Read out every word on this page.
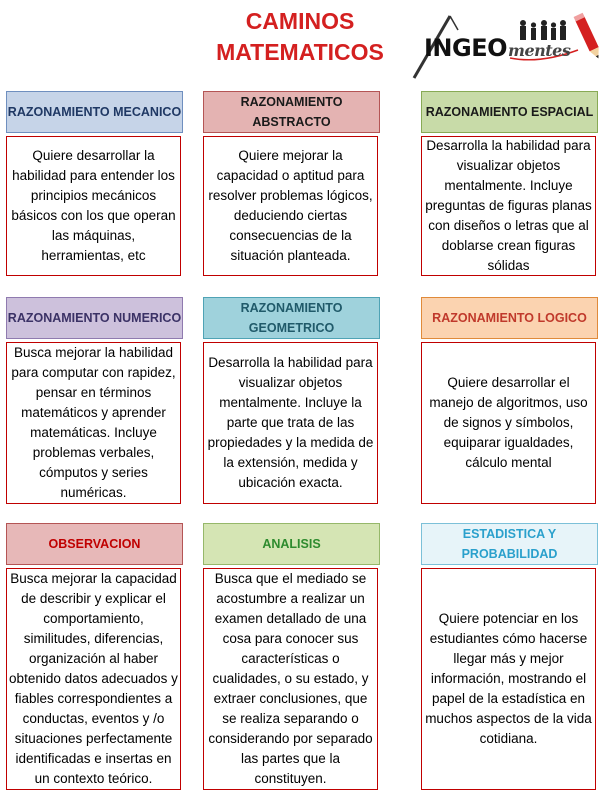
CAMINOS
MATEMATICOS	INGEOmentes
RAZONAMIENTO MECANICO
Quiere desarrollar la habilidad para entender los principios mecánicos básicos con los que operan las máquinas, herramientas, etc
RAZONAMIENTO ABSTRACTO
Quiere mejorar la capacidad o aptitud para resolver problemas lógicos, deduciendo ciertas consecuencias de la situación planteada.
RAZONAMIENTO ESPACIAL
Desarrolla la habilidad para visualizar objetos mentalmente. Incluye preguntas de figuras planas con diseños o letras que al doblarse crean figuras sólidas
RAZONAMIENTO NUMERICO
Busca mejorar la habilidad para computar con rapidez, pensar en términos matemáticos y aprender matemáticas. Incluye problemas verbales, cómputos y series numéricas.
RAZONAMIENTO GEOMETRICO
Desarrolla la habilidad para visualizar objetos mentalmente. Incluye la parte que trata de las propiedades y la medida de la extensión, medida y ubicación exacta.
RAZONAMIENTO LOGICO
Quiere desarrollar el manejo de algoritmos, uso de signos y símbolos, equiparar igualdades, cálculo mental
OBSERVACION
Busca mejorar la capacidad de describir y explicar el comportamiento, similitudes, diferencias, organización al haber obtenido datos adecuados y fiables correspondientes a conductas, eventos y /o situaciones perfectamente identificadas e insertas en un contexto teórico.
ANALISIS
Busca que el mediado se acostumbre a realizar un examen detallado de una cosa para conocer sus características o cualidades, o su estado, y extraer conclusiones, que se realiza separando o considerando por separado las partes que la constituyen.
ESTADISTICA Y PROBABILIDAD
Quiere potenciar en los estudiantes cómo hacerse llegar más y mejor información, mostrando el papel de la estadística en muchos aspectos de la vida cotidiana.
